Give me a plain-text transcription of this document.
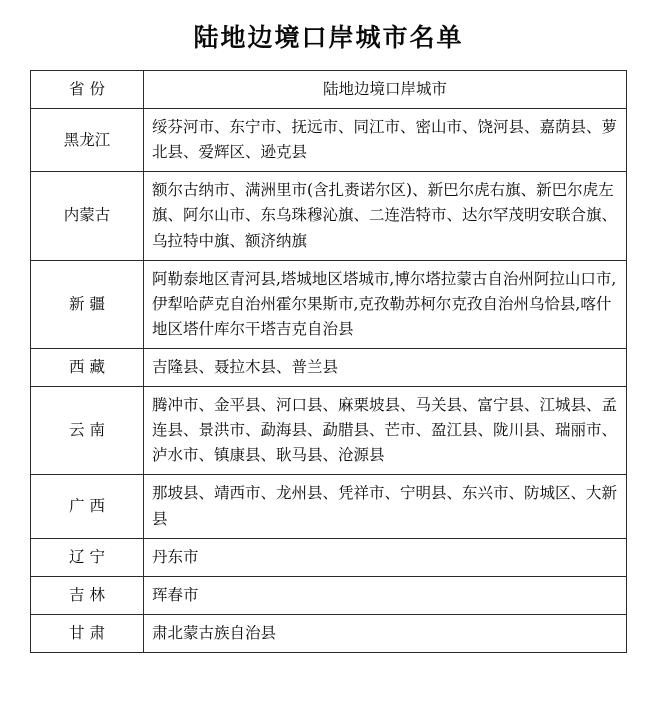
陆地边境口岸城市名单
省 份	陆地边境口岸城市
黑龙江	绥芬河市、东宁市、抚远市、同江市、密山市、饶河县、嘉荫县、萝北县、爱辉区、逊克县
内蒙古	额尔古纳市、满洲里市(含扎赉诺尔区)、新巴尔虎右旗、新巴尔虎左旗、阿尔山市、东乌珠穆沁旗、二连浩特市、达尔罕茂明安联合旗、乌拉特中旗、额济纳旗
新 疆	阿勒泰地区青河县,塔城地区塔城市,博尔塔拉蒙古自治州阿拉山口市,伊犁哈萨克自治州霍尔果斯市,克孜勒苏柯尔克孜自治州乌恰县,喀什地区塔什库尔干塔吉克自治县
西 藏	吉隆县、聂拉木县、普兰县
云 南	腾冲市、金平县、河口县、麻栗坡县、马关县、富宁县、江城县、孟连县、景洪市、勐海县、勐腊县、芒市、盈江县、陇川县、瑞丽市、泸水市、镇康县、耿马县、沧源县
广 西	那坡县、靖西市、龙州县、凭祥市、宁明县、东兴市、防城区、大新县
辽 宁	丹东市
吉 林	珲春市
甘 肃	肃北蒙古族自治县
